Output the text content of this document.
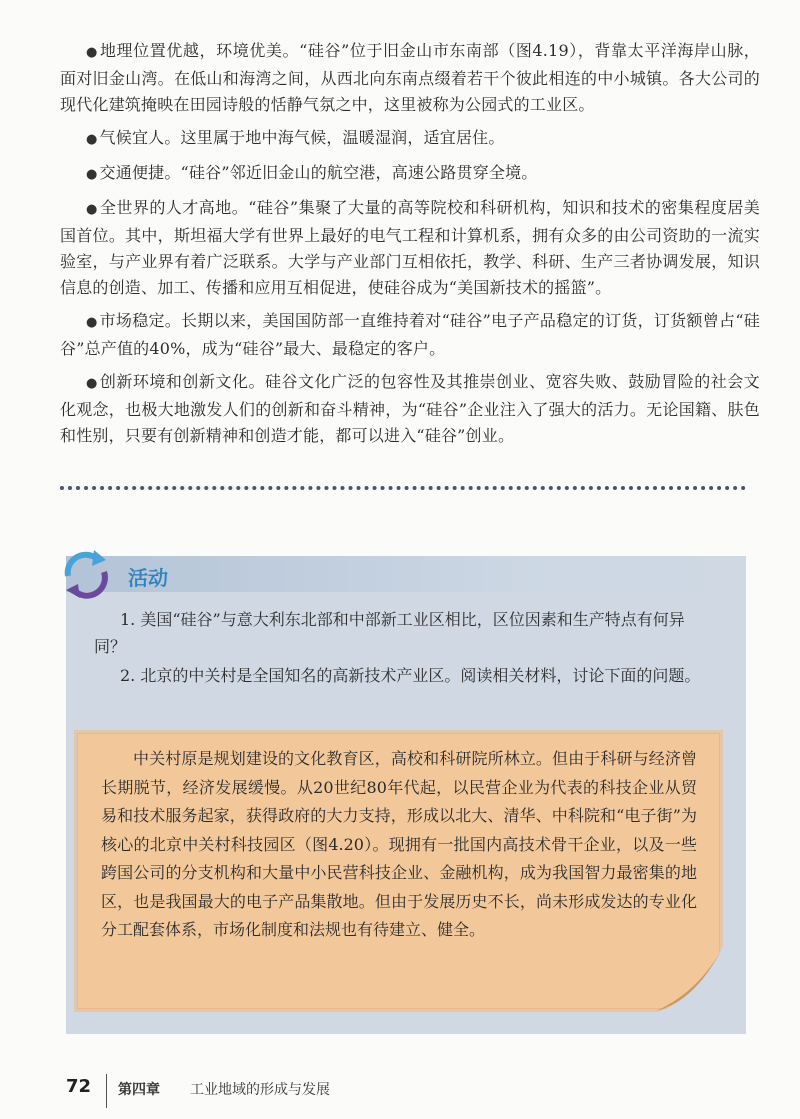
● 地理位置优越，环境优美。“硅谷”位于旧金山市东南部（图4.19），背靠太平洋海岸山脉，面对旧金山湾。在低山和海湾之间，从西北向东南点缀着若干个彼此相连的中小城镇。各大公司的现代化建筑掩映在田园诗般的恬静气氛之中，这里被称为公园式的工业区。

● 气候宜人。这里属于地中海气候，温暖湿润，适宜居住。

● 交通便捷。“硅谷”邻近旧金山的航空港，高速公路贯穿全境。

● 全世界的人才高地。“硅谷”集聚了大量的高等院校和科研机构，知识和技术的密集程度居美国首位。其中，斯坦福大学有世界上最好的电气工程和计算机系，拥有众多的由公司资助的一流实验室，与产业界有着广泛联系。大学与产业部门互相依托，教学、科研、生产三者协调发展，知识信息的创造、加工、传播和应用互相促进，使硅谷成为“美国新技术的摇篮”。

● 市场稳定。长期以来，美国国防部一直维持着对“硅谷”电子产品稳定的订货，订货额曾占“硅谷”总产值的40%，成为“硅谷”最大、最稳定的客户。

● 创新环境和创新文化。硅谷文化广泛的包容性及其推崇创业、宽容失败、鼓励冒险的社会文化观念，也极大地激发人们的创新和奋斗精神，为“硅谷”企业注入了强大的活力。无论国籍、肤色和性别，只要有创新精神和创造才能，都可以进入“硅谷”创业。

活动

1. 美国“硅谷”与意大利东北部和中部新工业区相比，区位因素和生产特点有何异同？

2. 北京的中关村是全国知名的高新技术产业区。阅读相关材料，讨论下面的问题。

中关村原是规划建设的文化教育区，高校和科研院所林立。但由于科研与经济曾长期脱节，经济发展缓慢。从20世纪80年代起，以民营企业为代表的科技企业从贸易和技术服务起家，获得政府的大力支持，形成以北大、清华、中科院和“电子街”为核心的北京中关村科技园区（图4.20）。现拥有一批国内高技术骨干企业，以及一些跨国公司的分支机构和大量中小民营科技企业、金融机构，成为我国智力最密集的地区，也是我国最大的电子产品集散地。但由于发展历史不长，尚未形成发达的专业化分工配套体系，市场化制度和法规也有待建立、健全。
72 第四章 工业地域的形成与发展
